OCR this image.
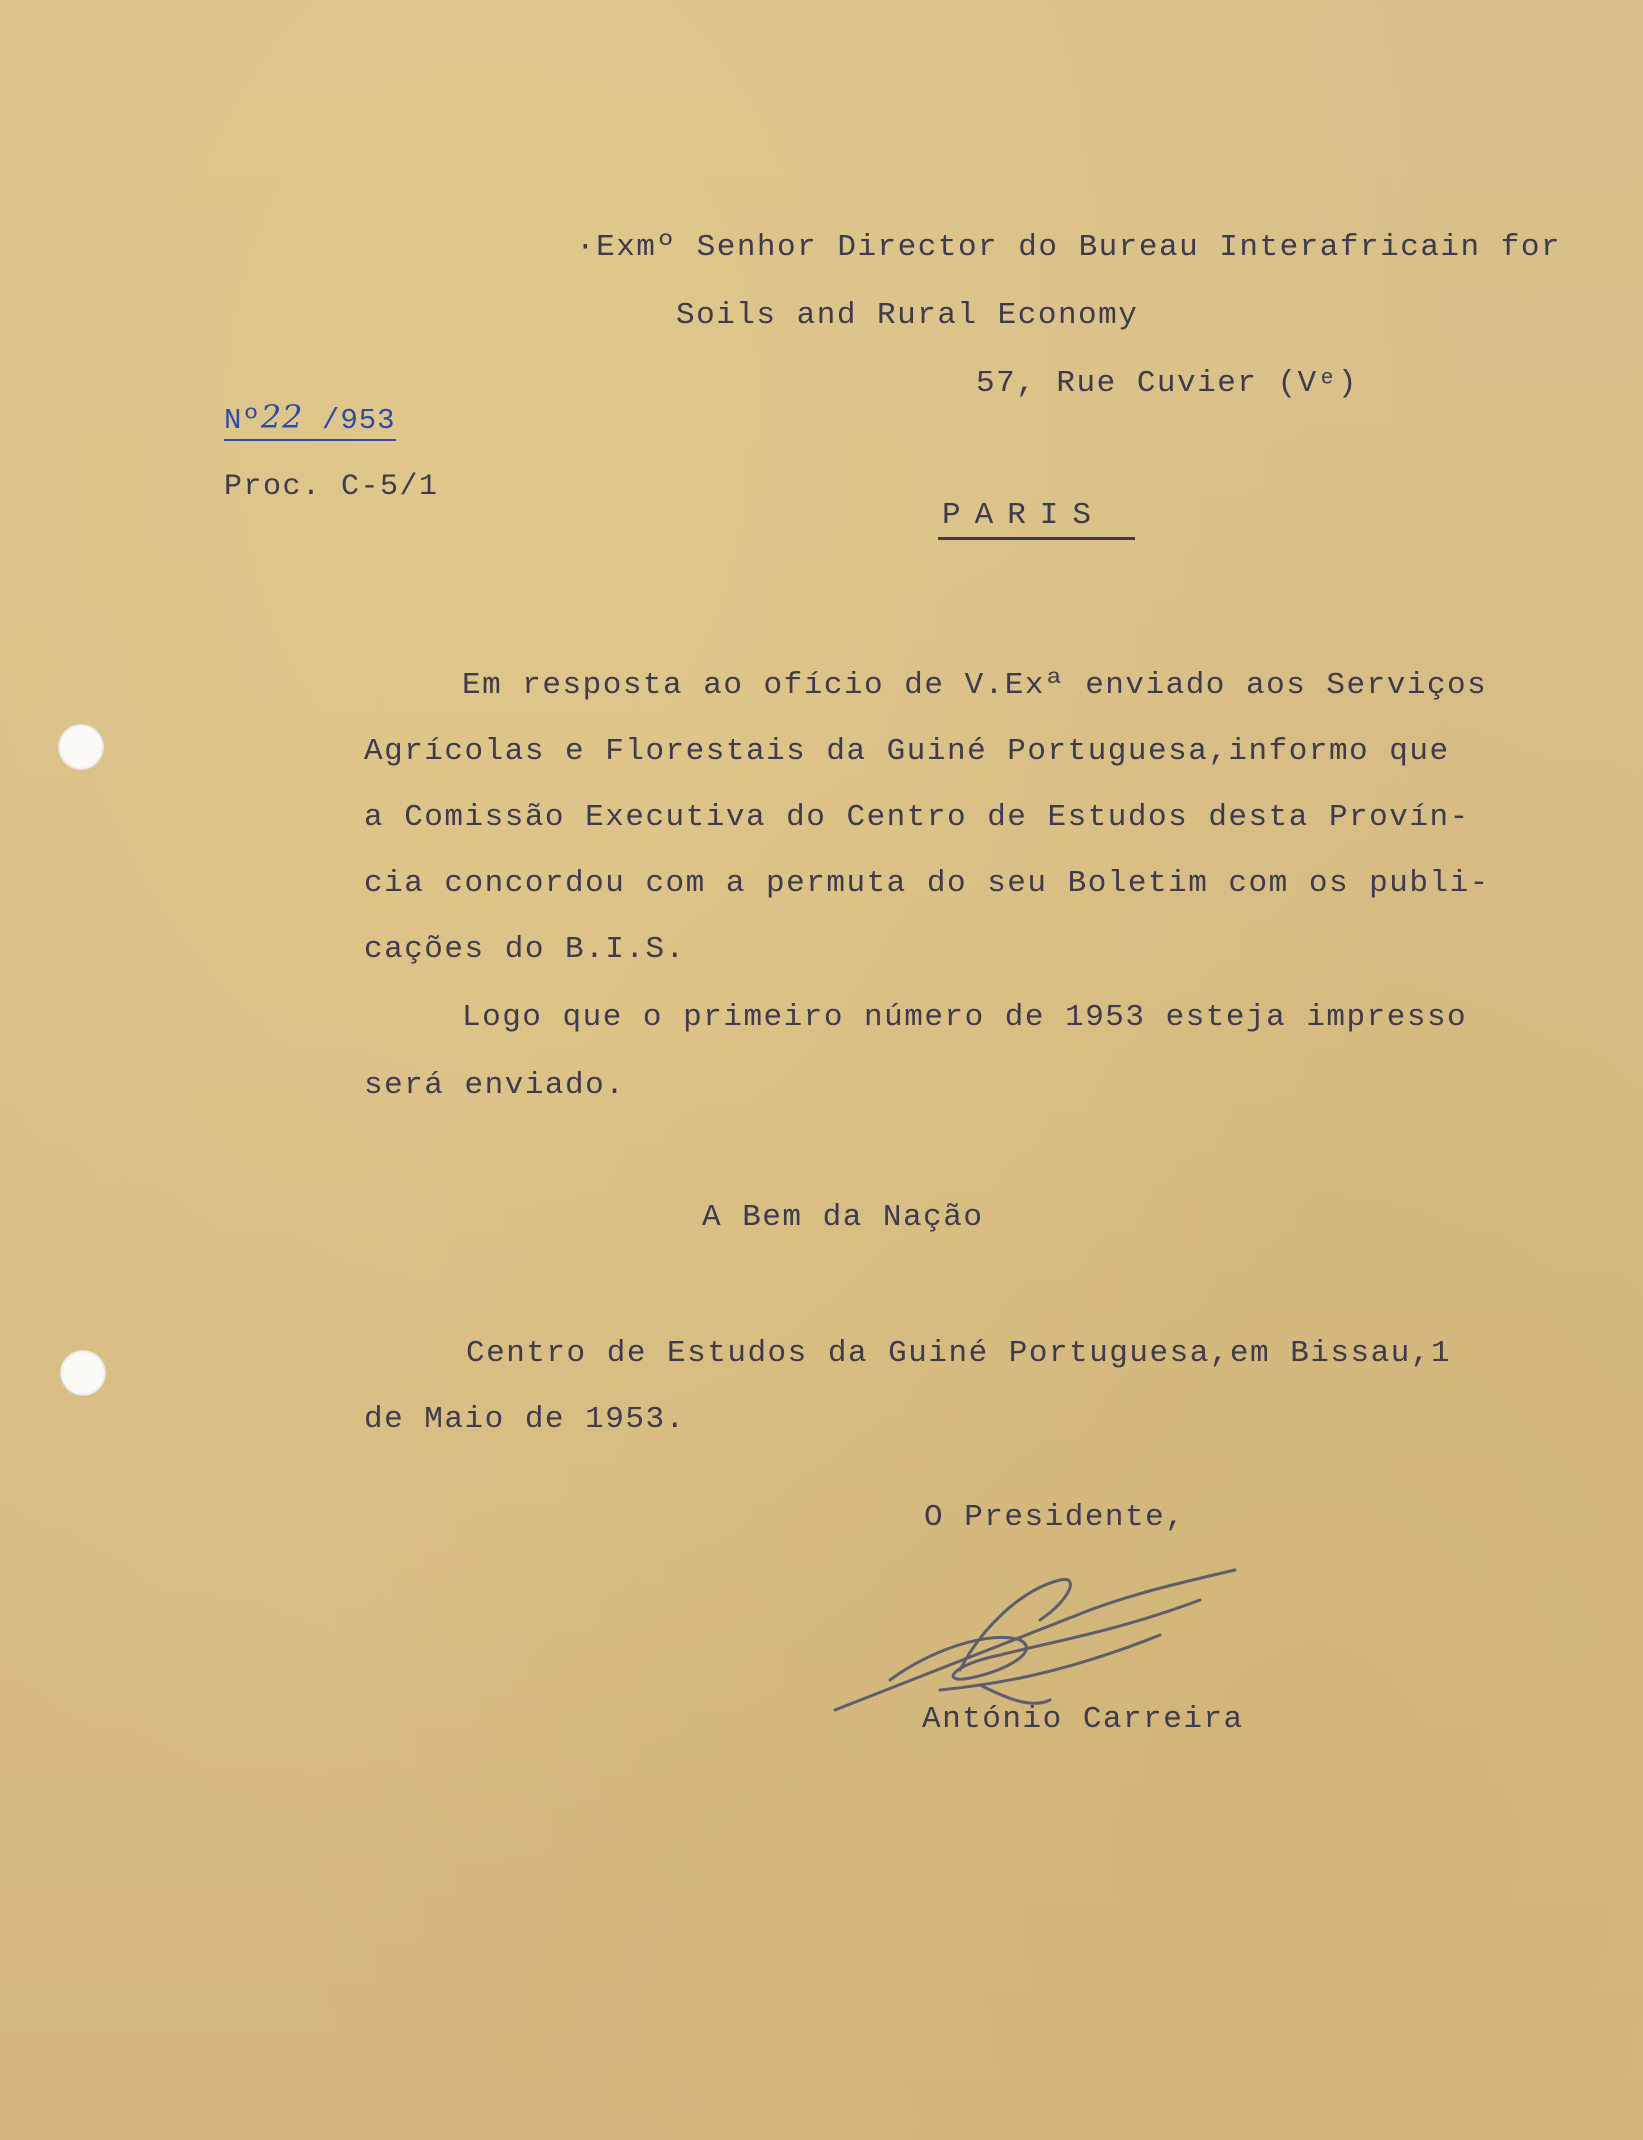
·Exmº Senhor Director do Bureau Interafricain for
Soils and Rural Economy
57, Rue Cuvier (Vᵉ)
Nº22 /953
Proc. C-5/1
PARIS
Em resposta ao ofício de V.Exª enviado aos Serviços
Agrícolas e Florestais da Guiné Portuguesa,informo que
a Comissão Executiva do Centro de Estudos desta Provín-
cia concordou com a permuta do seu Boletim com os publi-
cações do B.I.S.
Logo que o primeiro número de 1953 esteja impresso
será enviado.
A Bem da Nação
Centro de Estudos da Guiné Portuguesa,em Bissau,1
de Maio de 1953.
O Presidente,
António Carreira
